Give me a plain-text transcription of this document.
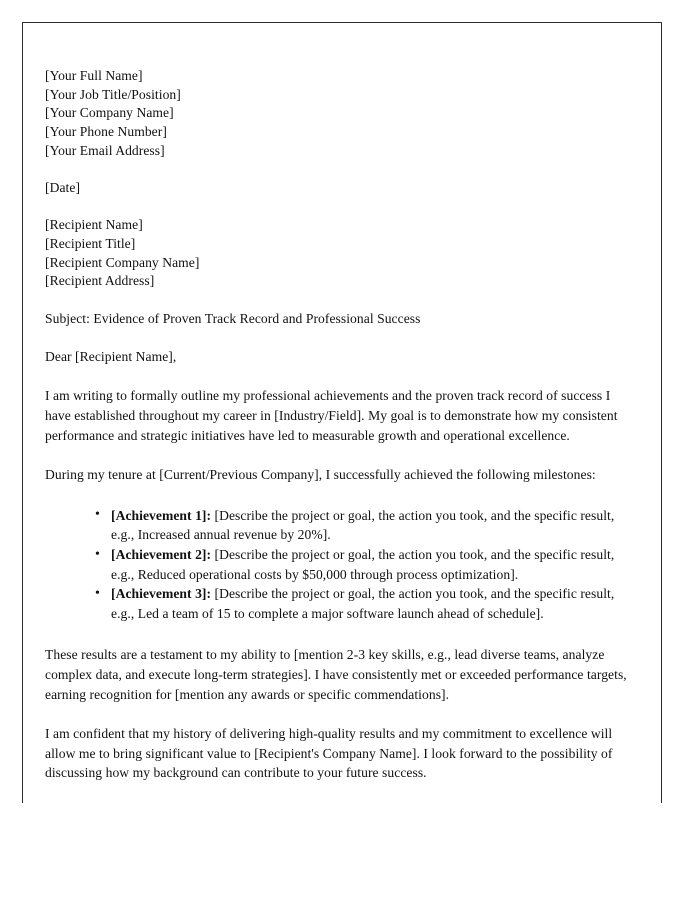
[Your Full Name]
[Your Job Title/Position]
[Your Company Name]
[Your Phone Number]
[Your Email Address]
[Date]
[Recipient Name]
[Recipient Title]
[Recipient Company Name]
[Recipient Address]
Subject: Evidence of Proven Track Record and Professional Success
Dear [Recipient Name],

I am writing to formally outline my professional achievements and the proven track record of success I have established throughout my career in [Industry/Field]. My goal is to demonstrate how my consistent performance and strategic initiatives have led to measurable growth and operational excellence.

During my tenure at [Current/Previous Company], I successfully achieved the following milestones:

• [Achievement 1]: [Describe the project or goal, the action you took, and the specific result, e.g., Increased annual revenue by 20%].
• [Achievement 2]: [Describe the project or goal, the action you took, and the specific result, e.g., Reduced operational costs by $50,000 through process optimization].
• [Achievement 3]: [Describe the project or goal, the action you took, and the specific result, e.g., Led a team of 15 to complete a major software launch ahead of schedule].

These results are a testament to my ability to [mention 2-3 key skills, e.g., lead diverse teams, analyze complex data, and execute long-term strategies]. I have consistently met or exceeded performance targets, earning recognition for [mention any awards or specific commendations].

I am confident that my history of delivering high-quality results and my commitment to excellence will allow me to bring significant value to [Recipient's Company Name]. I look forward to the possibility of discussing how my background can contribute to your future success.
